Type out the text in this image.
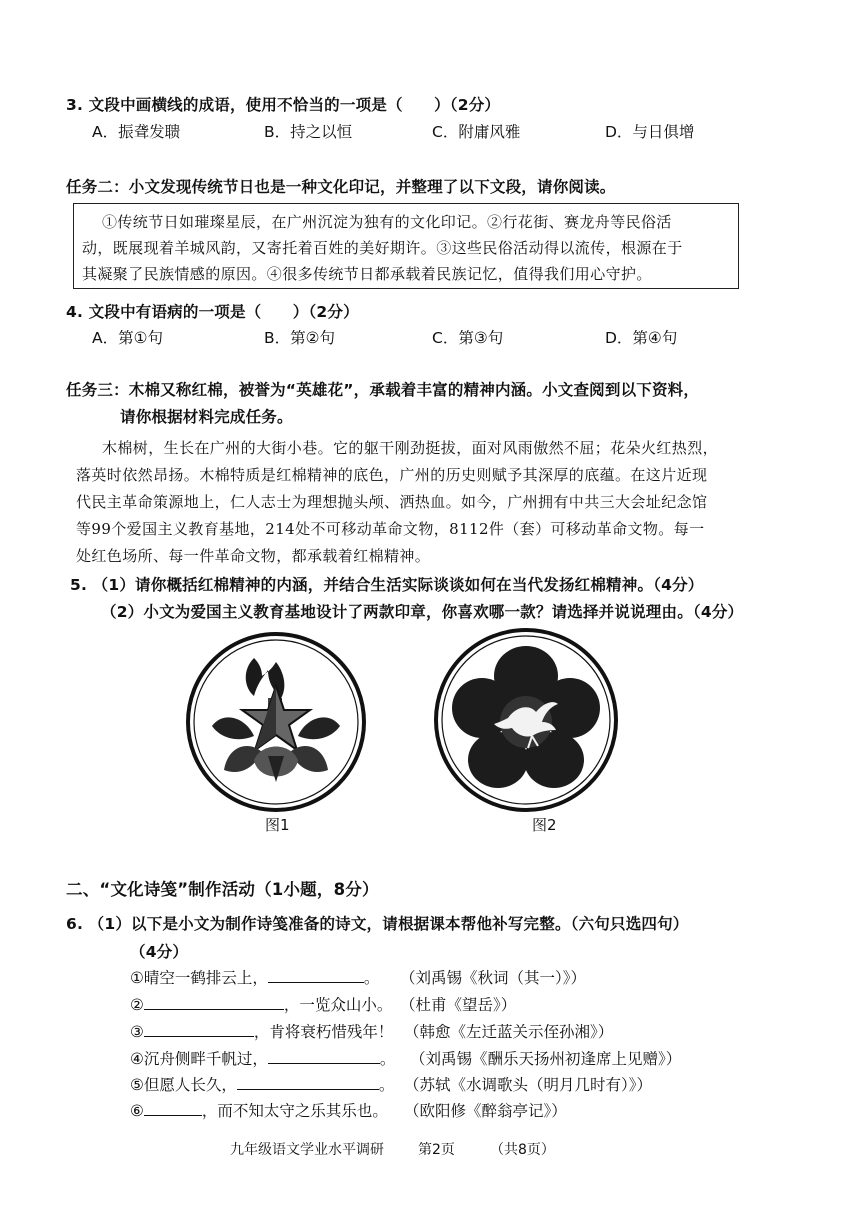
3. 文段中画横线的成语，使用不恰当的一项是（　　）（2分）
A．振聋发聩	B．持之以恒	C．附庸风雅	D．与日俱增
任务二：小文发现传统节日也是一种文化印记，并整理了以下文段，请你阅读。
①传统节日如璀璨星辰，在广州沉淀为独有的文化印记。②行花街、赛龙舟等民俗活
动，既展现着羊城风韵，又寄托着百姓的美好期许。③这些民俗活动得以流传，根源在于
其凝聚了民族情感的原因。④很多传统节日都承载着民族记忆，值得我们用心守护。
4. 文段中有语病的一项是（　　）（2分）
A．第①句	B．第②句	C．第③句	D．第④句
任务三：木棉又称红棉，被誉为“英雄花”，承载着丰富的精神内涵。小文查阅到以下资料，
请你根据材料完成任务。
木棉树，生长在广州的大街小巷。它的躯干刚劲挺拔，面对风雨傲然不屈；花朵火红热烈，
落英时依然昂扬。木棉特质是红棉精神的底色，广州的历史则赋予其深厚的底蕴。在这片近现
代民主革命策源地上，仁人志士为理想抛头颅、洒热血。如今，广州拥有中共三大会址纪念馆
等99个爱国主义教育基地，214处不可移动革命文物，8112件（套）可移动革命文物。每一
处红色场所、每一件革命文物，都承载着红棉精神。
5. （1）请你概括红棉精神的内涵，并结合生活实际谈谈如何在当代发扬红棉精神。（4分）
（2）小文为爱国主义教育基地设计了两款印章，你喜欢哪一款？请选择并说说理由。（4分）
图1	图2
二、“文化诗笺”制作活动（1小题，8分）
6. （1）以下是小文为制作诗笺准备的诗文，请根据课本帮他补写完整。（六句只选四句）
（4分）
①晴空一鹤排云上，	。 （刘禹锡《秋词（其一）》）
②	，一览众山小。 （杜甫《望岳》）
③	，肯将衰朽惜残年！ （韩愈《左迁蓝关示侄孙湘》）
④沉舟侧畔千帆过，	。 （刘禹锡《酬乐天扬州初逢席上见赠》）
⑤但愿人长久，	。 （苏轼《水调歌头（明月几时有）》）
⑥	，而不知太守之乐其乐也。 （欧阳修《醉翁亭记》）
九年级语文学业水平调研 第2页	（共8页）
